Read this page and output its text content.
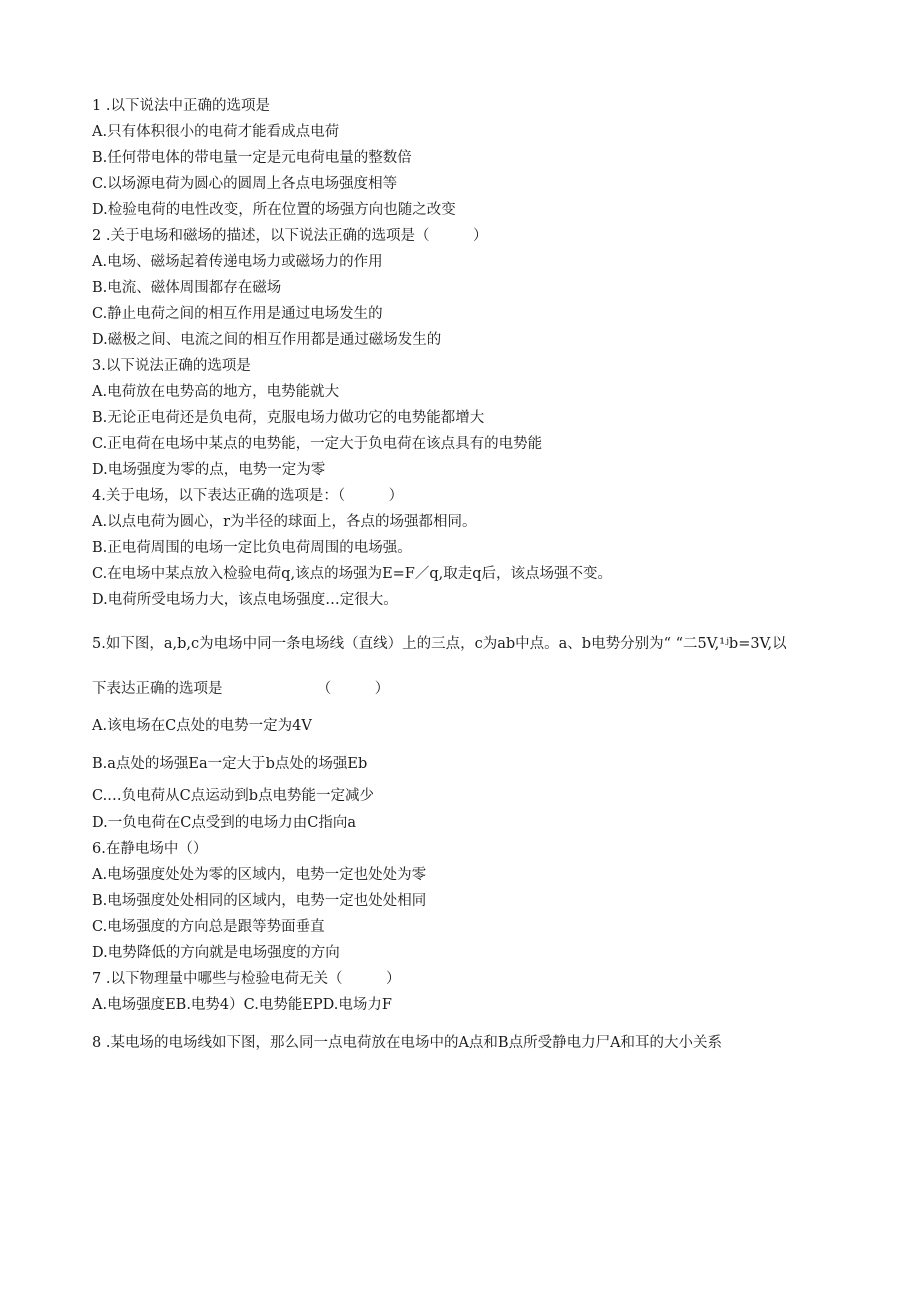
1 .以下说法中正确的选项是
A.只有体积很小的电荷才能看成点电荷
B.任何带电体的带电量一定是元电荷电量的整数倍
C.以场源电荷为圆心的圆周上各点电场强度相等
D.检验电荷的电性改变，所在位置的场强方向也随之改变
2 .关于电场和磁场的描述，以下说法正确的选项是（　　　）
A.电场、磁场起着传递电场力或磁场力的作用
B.电流、磁体周围都存在磁场
C.静止电荷之间的相互作用是通过电场发生的
D.磁极之间、电流之间的相互作用都是通过磁场发生的
3.以下说法正确的选项是
A.电荷放在电势高的地方，电势能就大
B.无论正电荷还是负电荷，克服电场力做功它的电势能都增大
C.正电荷在电场中某点的电势能，一定大于负电荷在该点具有的电势能
D.电场强度为零的点，电势一定为零
4.关于电场，以下表达正确的选项是：（　　　）
A.以点电荷为圆心，r为半径的球面上，各点的场强都相同。
B.正电荷周围的电场一定比负电荷周围的电场强。
C.在电场中某点放入检验电荷q,该点的场强为E=F／q,取走q后，该点场强不变。
D.电荷所受电场力大，该点电场强度…定很大。
5.如下图，a,b,c为电场中同一条电场线（直线）上的三点，c为ab中点。a、b电势分别为“ “二5V,¹ʲb=3V,以
下表达正确的选项是　　　　　　　（　　　）
A.该电场在C点处的电势一定为4V
B.a点处的场强Ea一定大于b点处的场强Eb
C.…负电荷从C点运动到b点电势能一定减少
D.一负电荷在C点受到的电场力由C指向a
6.在静电场中（）
A.电场强度处处为零的区域内，电势一定也处处为零
B.电场强度处处相同的区域内，电势一定也处处相同
C.电场强度的方向总是跟等势面垂直
D.电势降低的方向就是电场强度的方向
7 .以下物理量中哪些与检验电荷无关（　　　）
A.电场强度EB.电势4）C.电势能EPD.电场力F
8 .某电场的电场线如下图，那么同一点电荷放在电场中的A点和B点所受静电力尸A和耳的大小关系
